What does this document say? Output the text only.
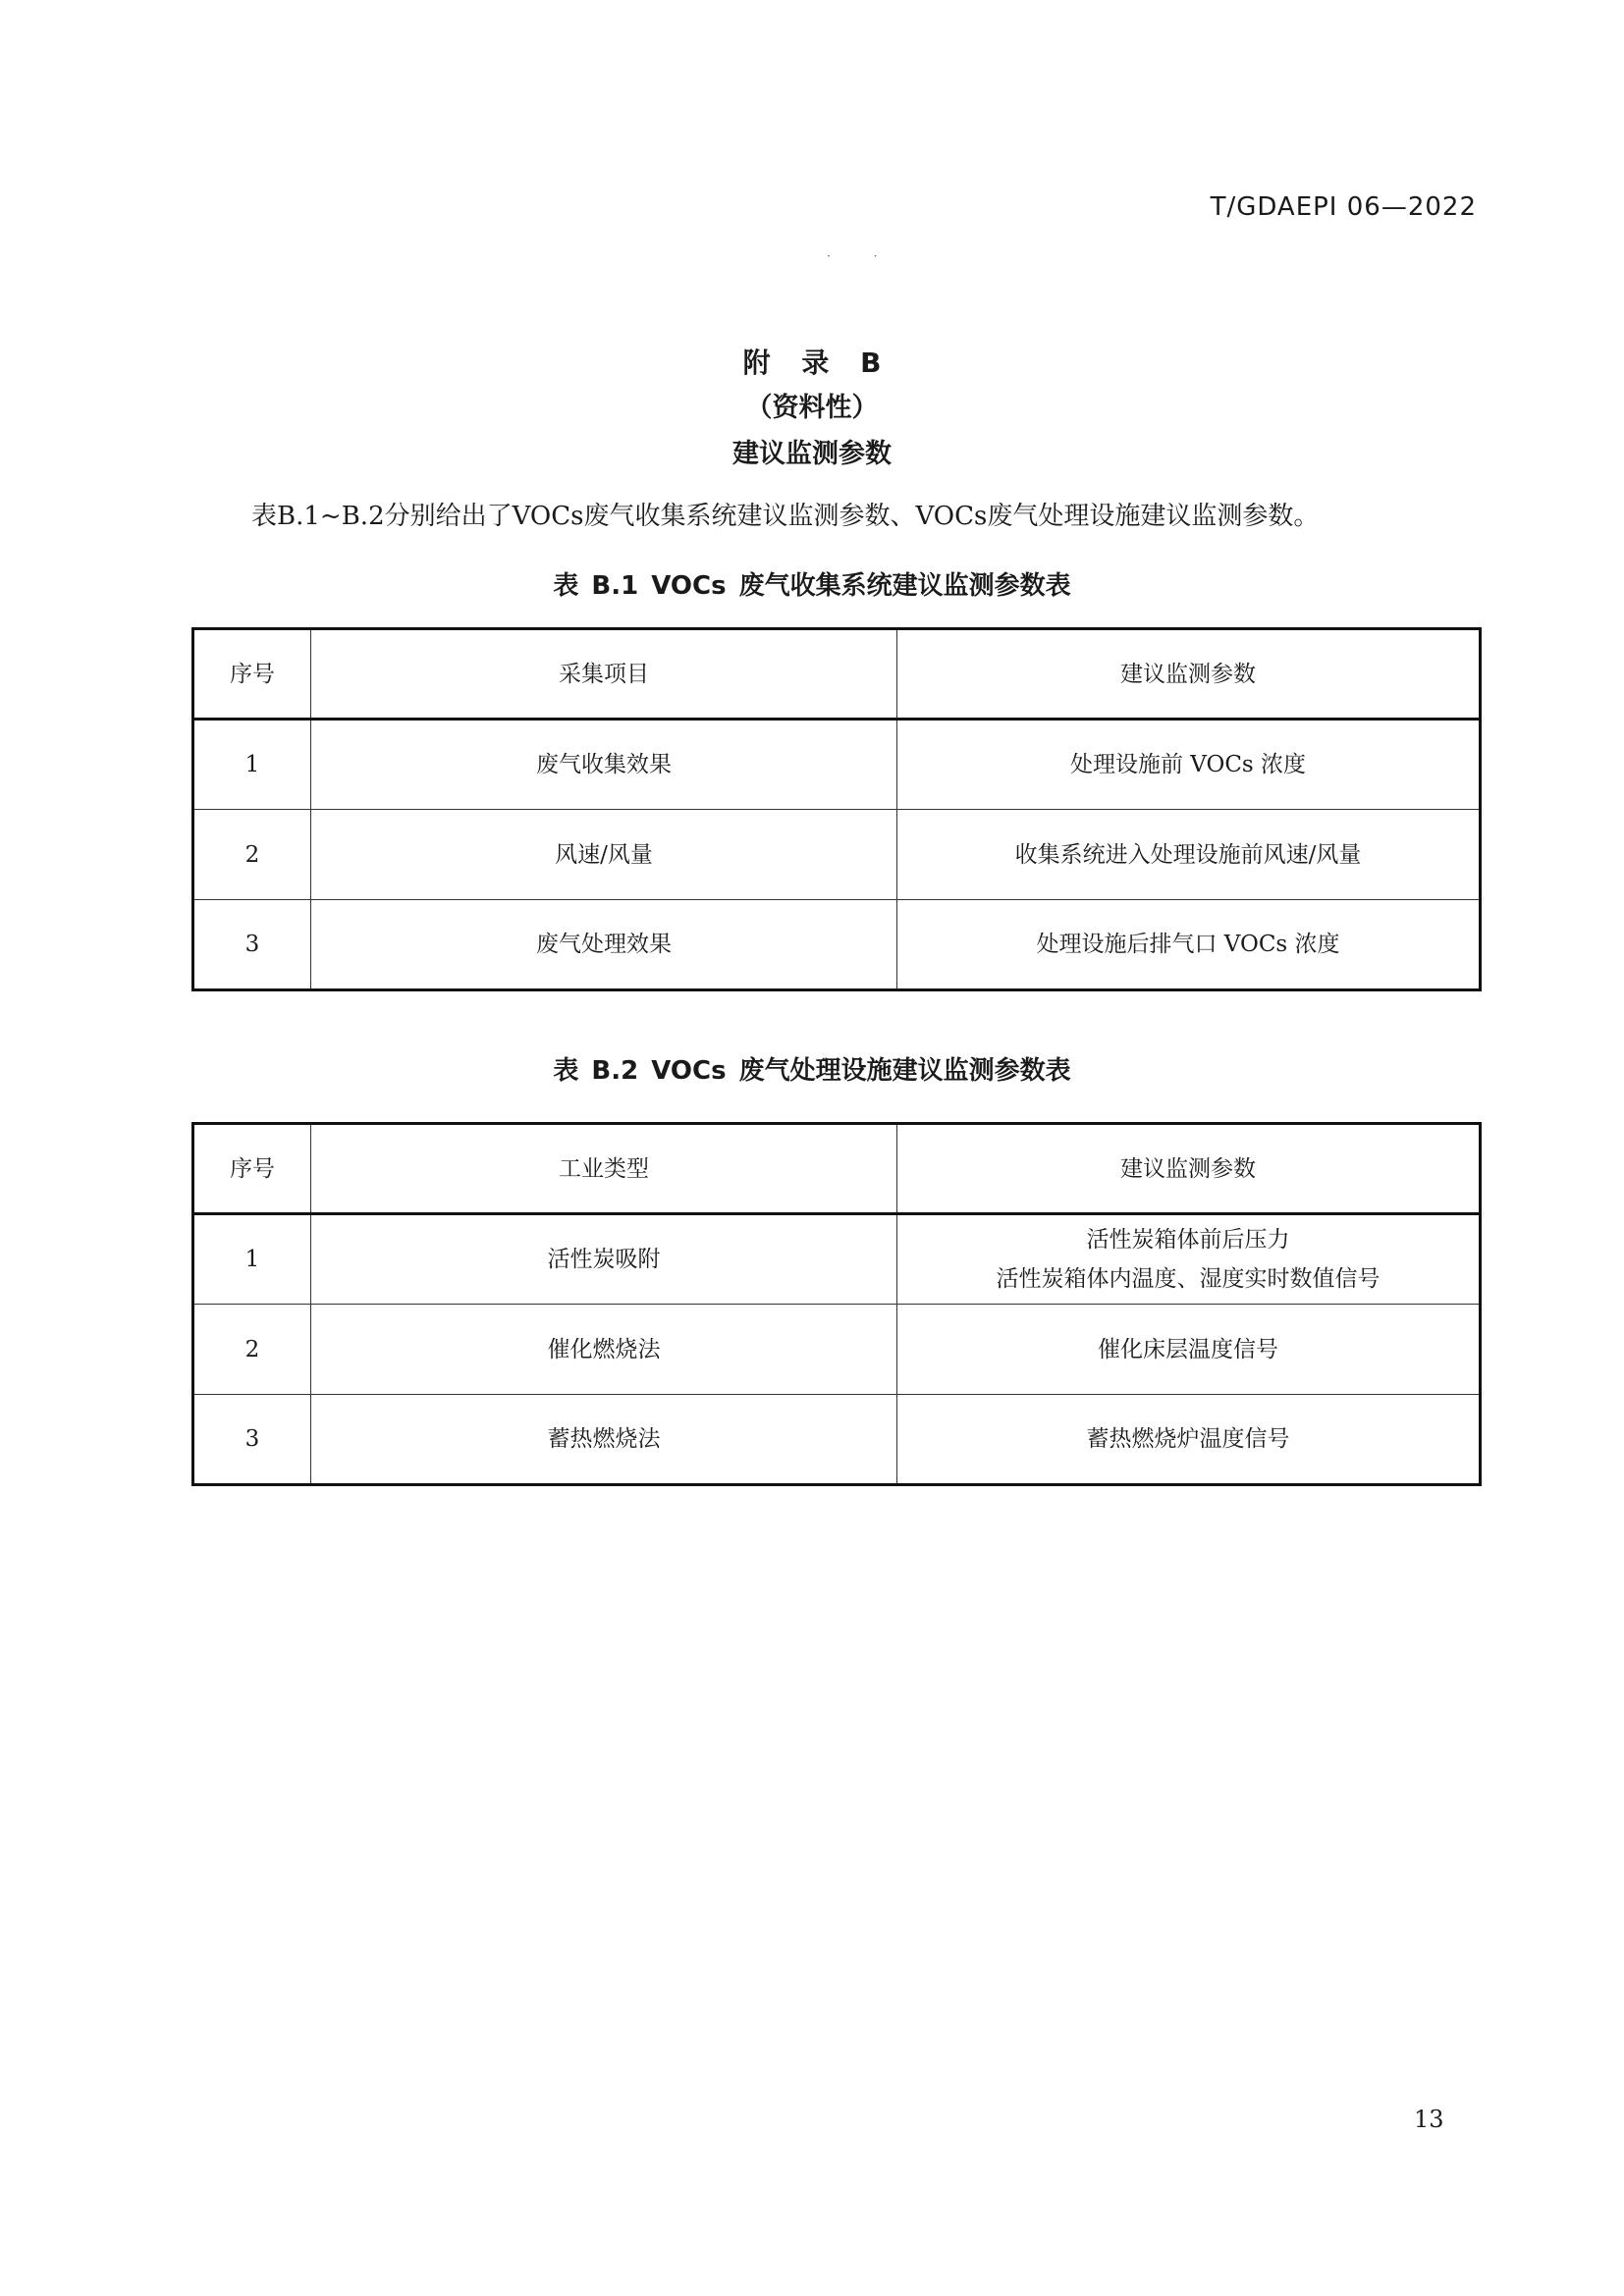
T/GDAEPI 06—2022
· ·
附 录 B
（资料性）
建议监测参数
表B.1~B.2分别给出了VOCs废气收集系统建议监测参数、VOCs废气处理设施建议监测参数。
表 B.1 VOCs 废气收集系统建议监测参数表
序号	采集项目	建议监测参数
1	废气收集效果	处理设施前 VOCs 浓度
2	风速/风量	收集系统进入处理设施前风速/风量
3	废气处理效果	处理设施后排气口 VOCs 浓度
表 B.2 VOCs 废气处理设施建议监测参数表
序号	工业类型	建议监测参数
1	活性炭吸附	活性炭箱体前后压力
活性炭箱体内温度、湿度实时数值信号

2	催化燃烧法	催化床层温度信号
3	蓄热燃烧法	蓄热燃烧炉温度信号
13
